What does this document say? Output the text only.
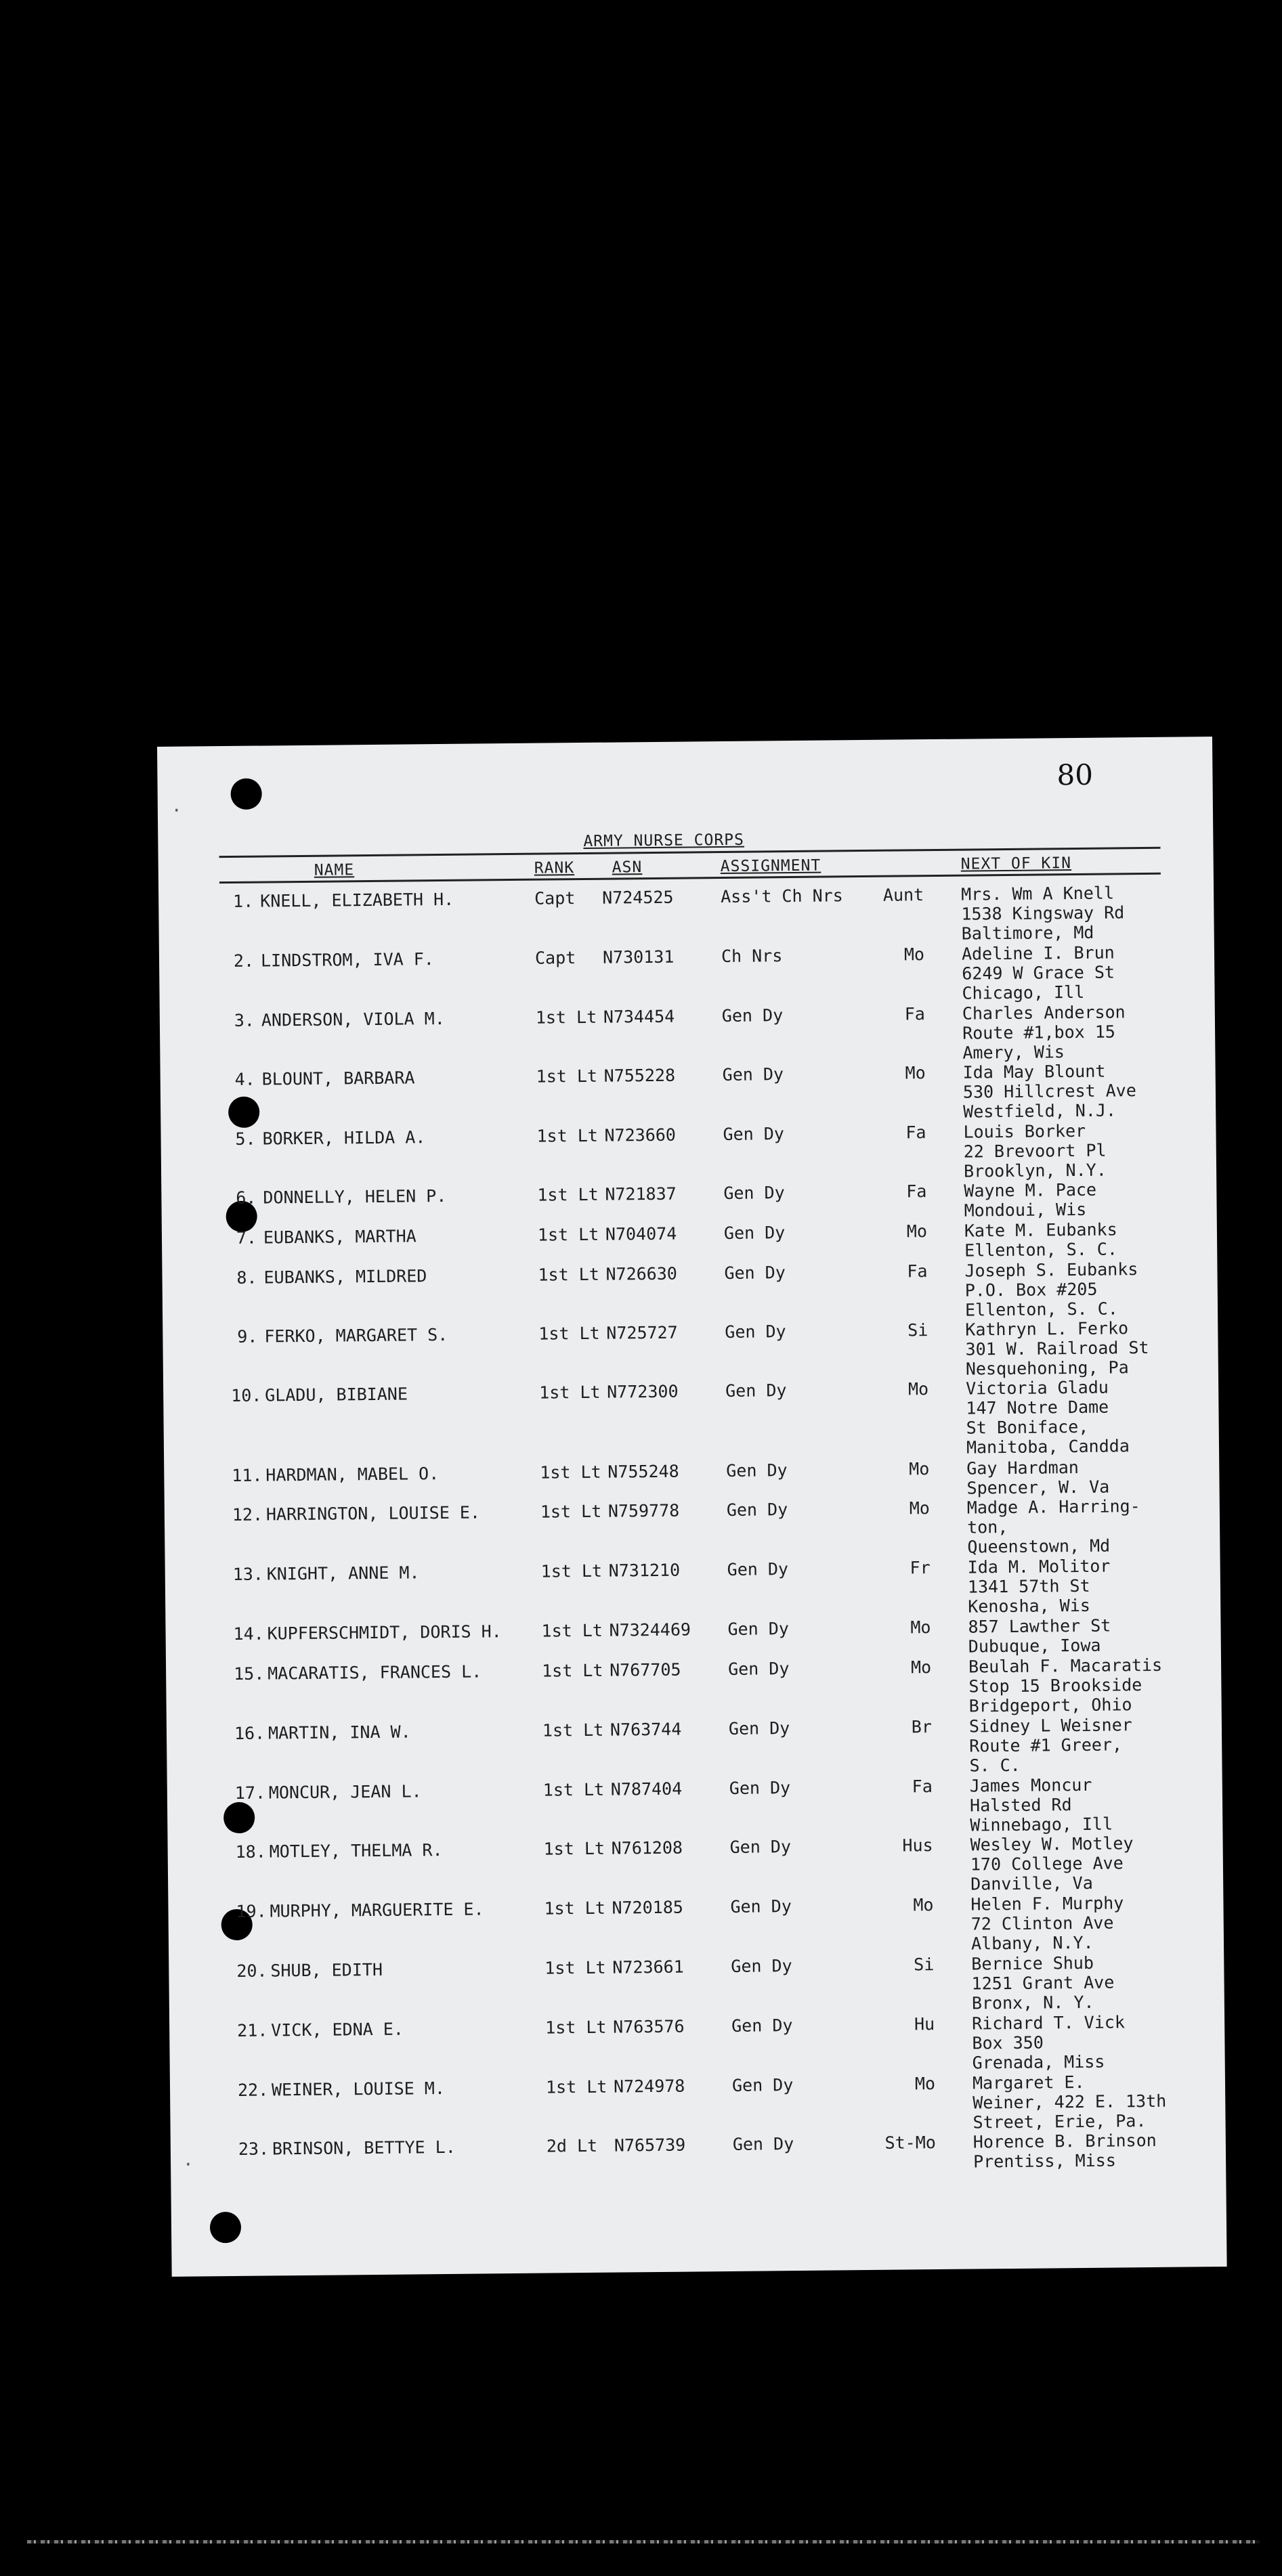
·
·
80
ARMY NURSE CORPS
NAME	RANK ASN	ASSIGNMENT	NEXT OF KIN
1. KNELL, ELIZABETH H.	Capt N724525	Ass't Ch Nrs	Aunt Mrs. Wm A Knell
1538 Kingsway Rd
Baltimore, Md
2. LINDSTROM, IVA F.	Capt N730131	Ch Nrs	Mo Adeline I. Brun
6249 W Grace St
Chicago, Ill
3. ANDERSON, VIOLA M.	1st Lt N734454	Gen Dy	Fa Charles Anderson
Route #1,box 15
Amery, Wis
4. BLOUNT, BARBARA	1st Lt N755228	Gen Dy	Mo Ida May Blount
530 Hillcrest Ave
Westfield, N.J.
5. BORKER, HILDA A.	1st Lt N723660	Gen Dy	Fa Louis Borker
22 Brevoort Pl
Brooklyn, N.Y.
6. DONNELLY, HELEN P.	1st Lt N721837	Gen Dy	Fa Wayne M. Pace
Mondoui, Wis
7. EUBANKS, MARTHA	1st Lt N704074	Gen Dy	Mo Kate M. Eubanks
Ellenton, S. C.
8. EUBANKS, MILDRED	1st Lt N726630	Gen Dy	Fa Joseph S. Eubanks
P.O. Box #205
Ellenton, S. C.
9. FERKO, MARGARET S.	1st Lt N725727	Gen Dy	Si Kathryn L. Ferko
301 W. Railroad St
Nesquehoning, Pa
10. GLADU, BIBIANE	1st Lt N772300	Gen Dy	Mo Victoria Gladu
147 Notre Dame
St Boniface,
Manitoba, Candda
11. HARDMAN, MABEL O.	1st Lt N755248	Gen Dy	Mo Gay Hardman
Spencer, W. Va
12. HARRINGTON, LOUISE E.	1st Lt N759778	Gen Dy	Mo Madge A. Harring-
ton,
Queenstown, Md
13. KNIGHT, ANNE M.	1st Lt N731210	Gen Dy	Fr Ida M. Molitor
1341 57th St
Kenosha, Wis
14. KUPFERSCHMIDT, DORIS H. 1st Lt N7324469 Gen Dy	Mo 857 Lawther St
Dubuque, Iowa
15. MACARATIS, FRANCES L.	1st Lt N767705	Gen Dy	Mo Beulah F. Macaratis
Stop 15 Brookside
Bridgeport, Ohio
16. MARTIN, INA W.	1st Lt N763744	Gen Dy	Br Sidney L Weisner
Route #1 Greer,
S. C.
17. MONCUR, JEAN L.	1st Lt N787404	Gen Dy	Fa James Moncur
Halsted Rd
Winnebago, Ill
18. MOTLEY, THELMA R.	1st Lt N761208	Gen Dy	Hus Wesley W. Motley
170 College Ave
Danville, Va
19. MURPHY, MARGUERITE E.	1st Lt N720185	Gen Dy	Mo Helen F. Murphy
72 Clinton Ave
Albany, N.Y.
20. SHUB, EDITH	1st Lt N723661	Gen Dy	Si Bernice Shub
1251 Grant Ave
Bronx, N. Y.
21. VICK, EDNA E.	1st Lt N763576	Gen Dy	Hu Richard T. Vick
Box 350
Grenada, Miss
22. WEINER, LOUISE M.	1st Lt N724978	Gen Dy	Mo Margaret E.
Weiner, 422 E. 13th
Street, Erie, Pa.
23. BRINSON, BETTYE L.	2d Lt N765739	Gen Dy	St-Mo Horence B. Brinson
Prentiss, Miss
